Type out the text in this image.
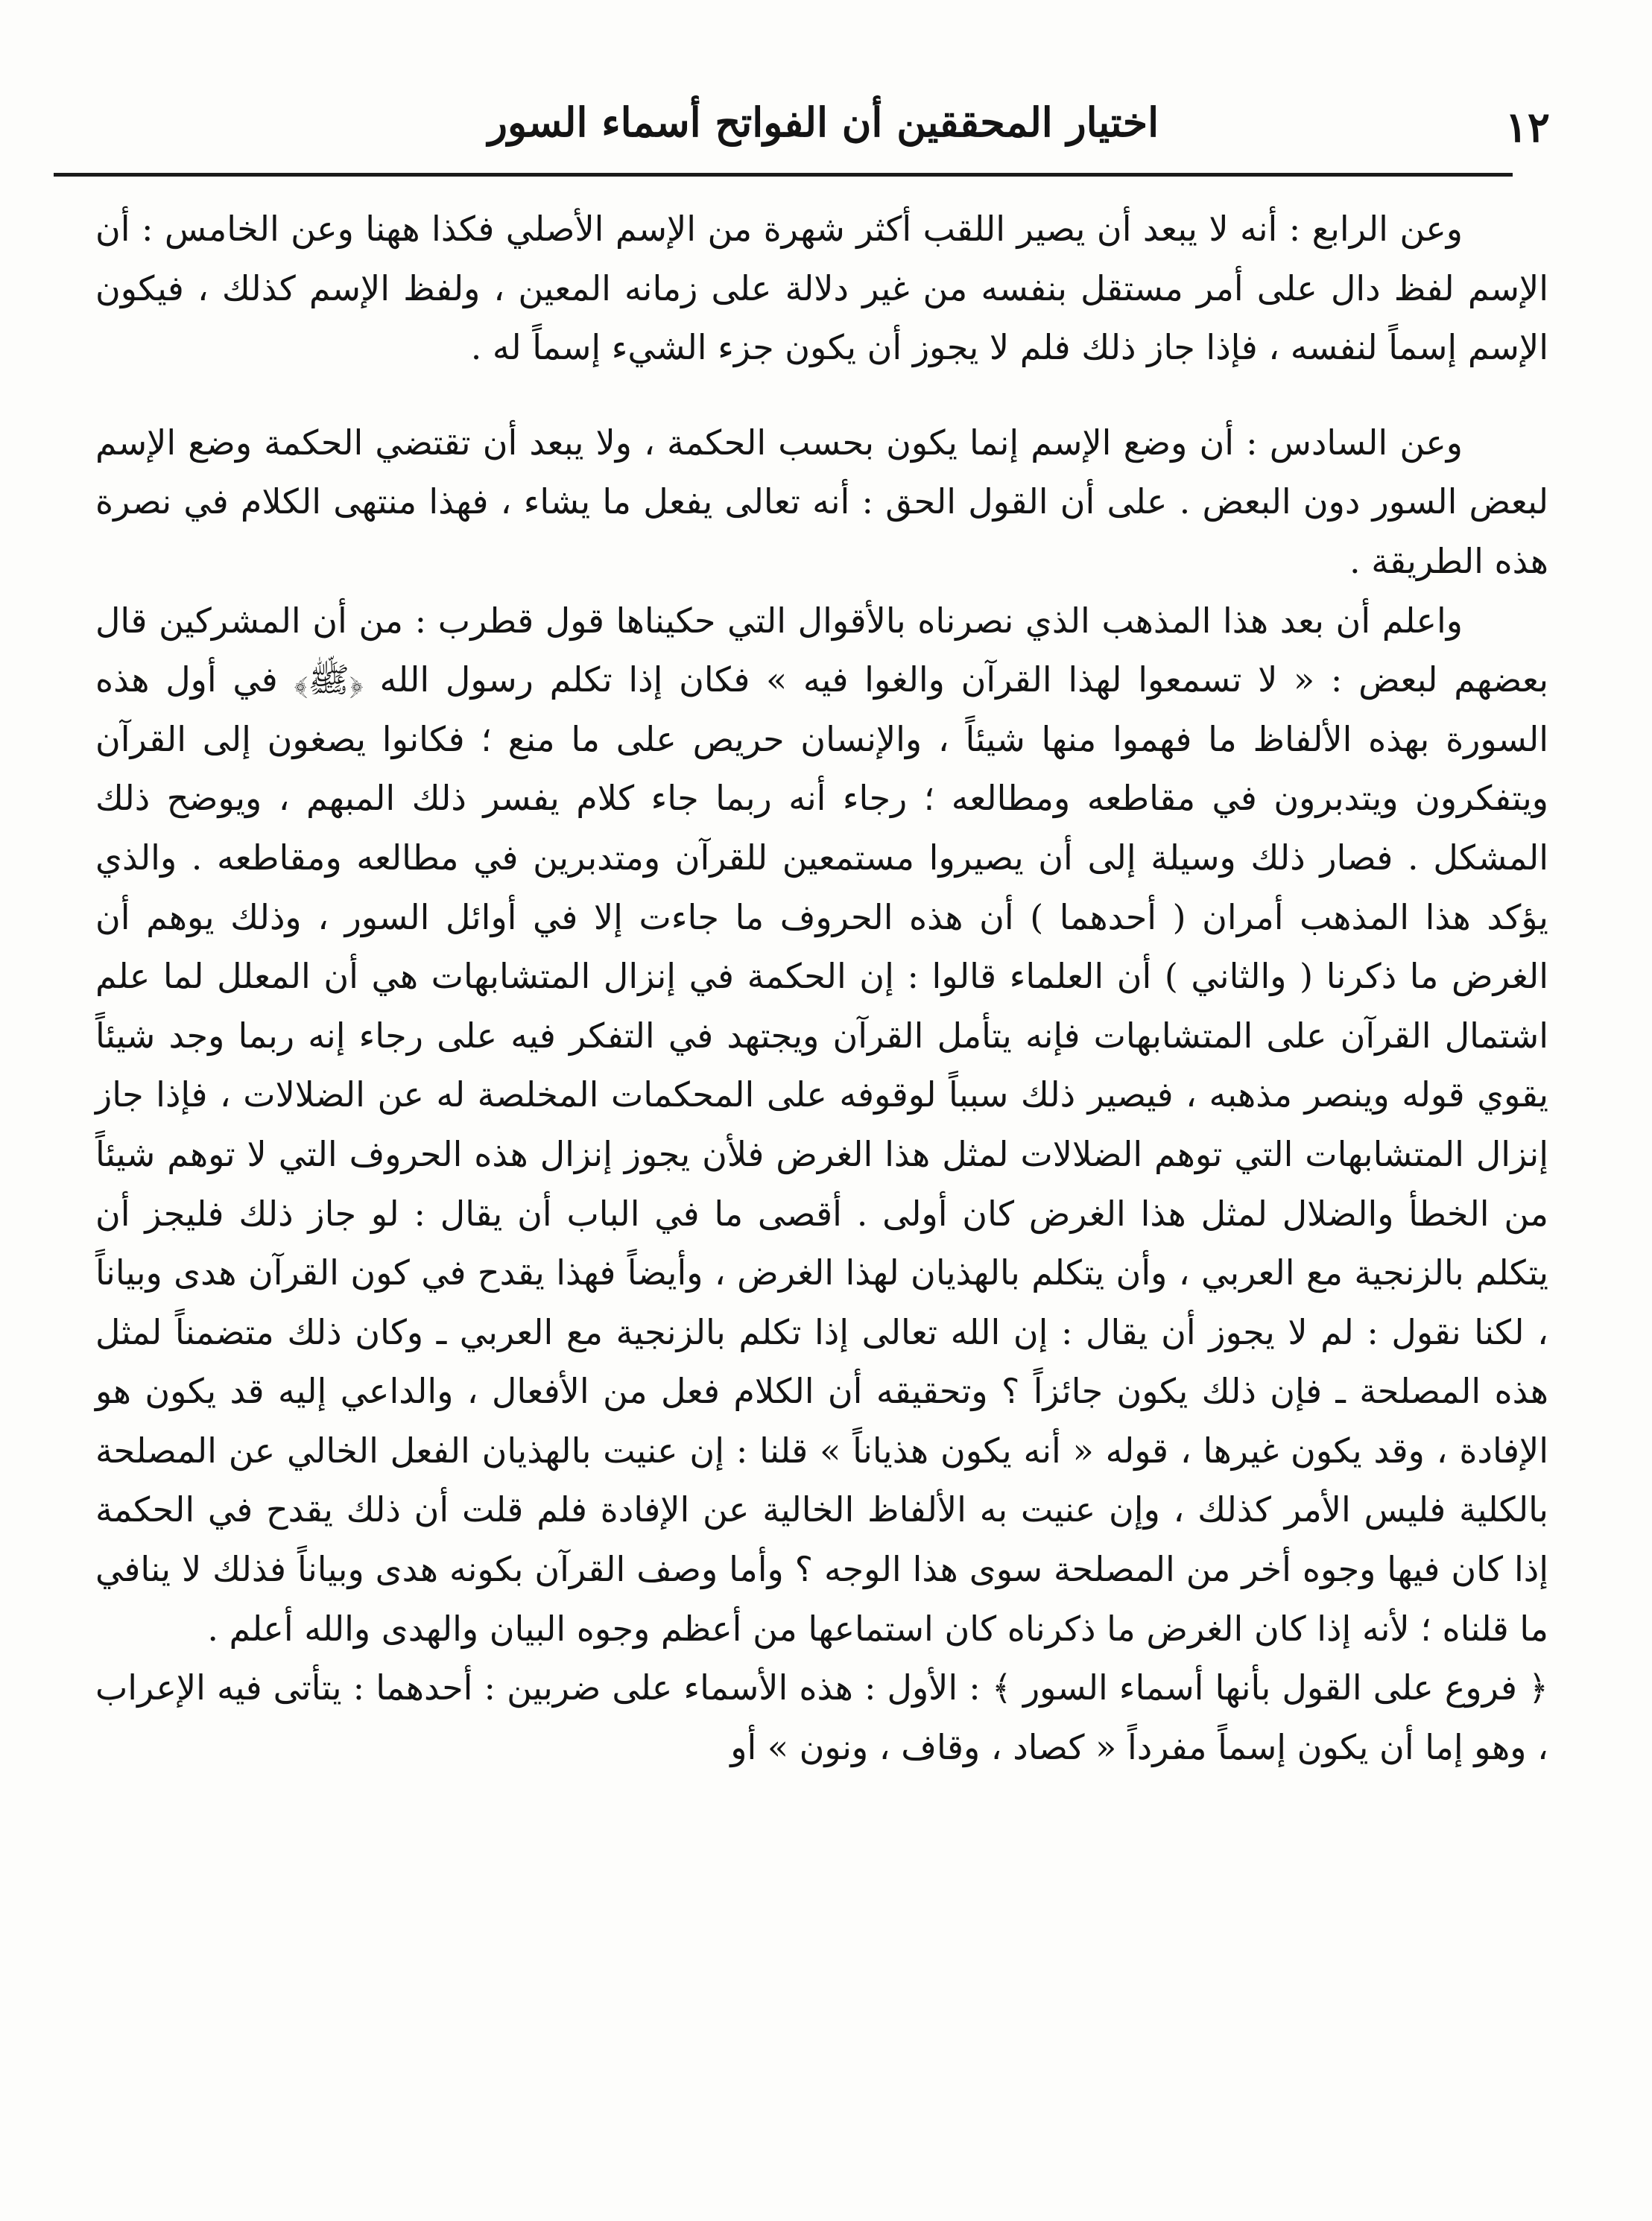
١٢
اختيار المحققين أن الفواتح أسماء السور

وعن الرابع : أنه لا يبعد أن يصير اللقب أكثر شهرة من الإسم الأصلي فكذا ههنا وعن الخامس : أن الإسم لفظ دال على أمر مستقل بنفسه من غير دلالة على زمانه المعين ، ولفظ الإسم كذلك ، فيكون الإسم إسماً لنفسه ، فإذا جاز ذلك فلم لا يجوز أن يكون جزء الشيء إسماً له .

وعن السادس : أن وضع الإسم إنما يكون بحسب الحكمة ، ولا يبعد أن تقتضي الحكمة وضع الإسم لبعض السور دون البعض . على أن القول الحق : أنه تعالى يفعل ما يشاء ، فهذا منتهى الكلام في نصرة هذه الطريقة .

واعلم أن بعد هذا المذهب الذي نصرناه بالأقوال التي حكيناها قول قطرب : من أن المشركين قال بعضهم لبعض : « لا تسمعوا لهذا القرآن والغوا فيه » فكان إذا تكلم رسول الله ﴿ﷺ﴾ في أول هذه السورة بهذه الألفاظ ما فهموا منها شيئاً ، والإنسان حريص على ما منع ؛ فكانوا يصغون إلى القرآن ويتفكرون ويتدبرون في مقاطعه ومطالعه ؛ رجاء أنه ربما جاء كلام يفسر ذلك المبهم ، ويوضح ذلك المشكل . فصار ذلك وسيلة إلى أن يصيروا مستمعين للقرآن ومتدبرين في مطالعه ومقاطعه . والذي يؤكد هذا المذهب أمران ( أحدهما ) أن هذه الحروف ما جاءت إلا في أوائل السور ، وذلك يوهم أن الغرض ما ذكرنا ( والثاني ) أن العلماء قالوا : إن الحكمة في إنزال المتشابهات هي أن المعلل لما علم اشتمال القرآن على المتشابهات فإنه يتأمل القرآن ويجتهد في التفكر فيه على رجاء إنه ربما وجد شيئاً يقوي قوله وينصر مذهبه ، فيصير ذلك سبباً لوقوفه على المحكمات المخلصة له عن الضلالات ، فإذا جاز إنزال المتشابهات التي توهم الضلالات لمثل هذا الغرض فلأن يجوز إنزال هذه الحروف التي لا توهم شيئاً من الخطأ والضلال لمثل هذا الغرض كان أولى . أقصى ما في الباب أن يقال : لو جاز ذلك فليجز أن يتكلم بالزنجية مع العربي ، وأن يتكلم بالهذيان لهذا الغرض ، وأيضاً فهذا يقدح في كون القرآن هدى وبياناً ، لكنا نقول : لم لا يجوز أن يقال : إن الله تعالى إذا تكلم بالزنجية مع العربي ـ وكان ذلك متضمناً لمثل هذه المصلحة ـ فإن ذلك يكون جائزاً ؟ وتحقيقه أن الكلام فعل من الأفعال ، والداعي إليه قد يكون هو الإفادة ، وقد يكون غيرها ، قوله « أنه يكون هذياناً » قلنا : إن عنيت بالهذيان الفعل الخالي عن المصلحة بالكلية فليس الأمر كذلك ، وإن عنيت به الألفاظ الخالية عن الإفادة فلم قلت أن ذلك يقدح في الحكمة إذا كان فيها وجوه أخر من المصلحة سوى هذا الوجه ؟ وأما وصف القرآن بكونه هدى وبياناً فذلك لا ينافي ما قلناه ؛ لأنه إذا كان الغرض ما ذكرناه كان استماعها من أعظم وجوه البيان والهدى والله أعلم .

﴿ فروع على القول بأنها أسماء السور ﴾ : الأول : هذه الأسماء على ضربين : أحدهما : يتأتى فيه الإعراب ، وهو إما أن يكون إسماً مفرداً « كصاد ، وقاف ، ونون » أو
